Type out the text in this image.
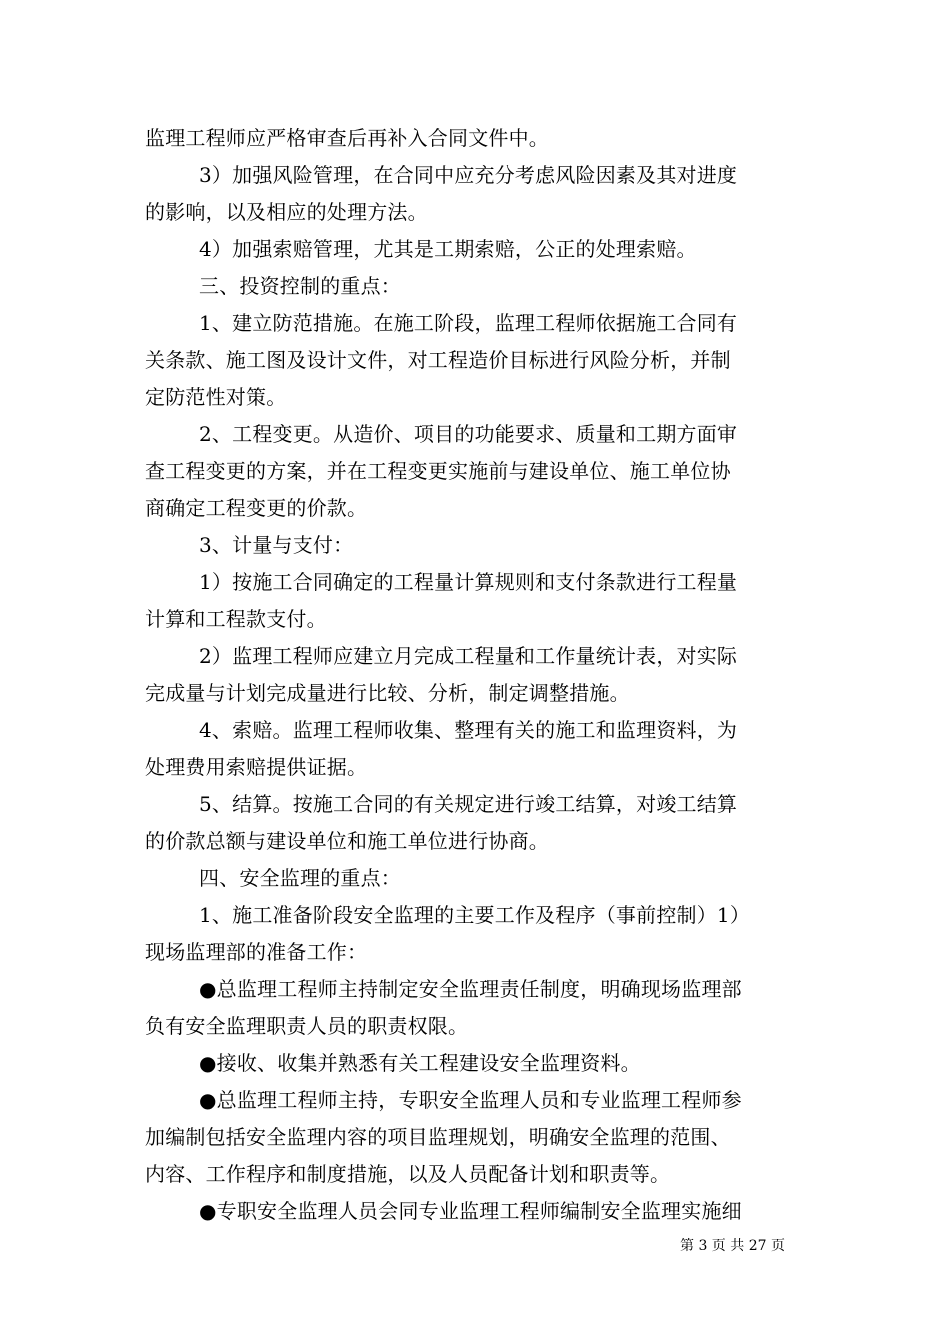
监理工程师应严格审查后再补入合同文件中。
3）加强风险管理，在合同中应充分考虑风险因素及其对进度
的影响，以及相应的处理方法。
4）加强索赔管理，尤其是工期索赔，公正的处理索赔。
三、投资控制的重点：
1、建立防范措施。在施工阶段，监理工程师依据施工合同有
关条款、施工图及设计文件，对工程造价目标进行风险分析，并制
定防范性对策。
2、工程变更。从造价、项目的功能要求、质量和工期方面审
查工程变更的方案，并在工程变更实施前与建设单位、施工单位协
商确定工程变更的价款。
3、计量与支付：
1）按施工合同确定的工程量计算规则和支付条款进行工程量
计算和工程款支付。
2）监理工程师应建立月完成工程量和工作量统计表，对实际
完成量与计划完成量进行比较、分析，制定调整措施。
4、索赔。监理工程师收集、整理有关的施工和监理资料，为
处理费用索赔提供证据。
5、结算。按施工合同的有关规定进行竣工结算，对竣工结算
的价款总额与建设单位和施工单位进行协商。
四、安全监理的重点：
1、施工准备阶段安全监理的主要工作及程序（事前控制）1）
现场监理部的准备工作：
●总监理工程师主持制定安全监理责任制度，明确现场监理部
负有安全监理职责人员的职责权限。
●接收、收集并熟悉有关工程建设安全监理资料。
●总监理工程师主持，专职安全监理人员和专业监理工程师参
加编制包括安全监理内容的项目监理规划，明确安全监理的范围、
内容、工作程序和制度措施，以及人员配备计划和职责等。
●专职安全监理人员会同专业监理工程师编制安全监理实施细
第 3 页 共 27 页
